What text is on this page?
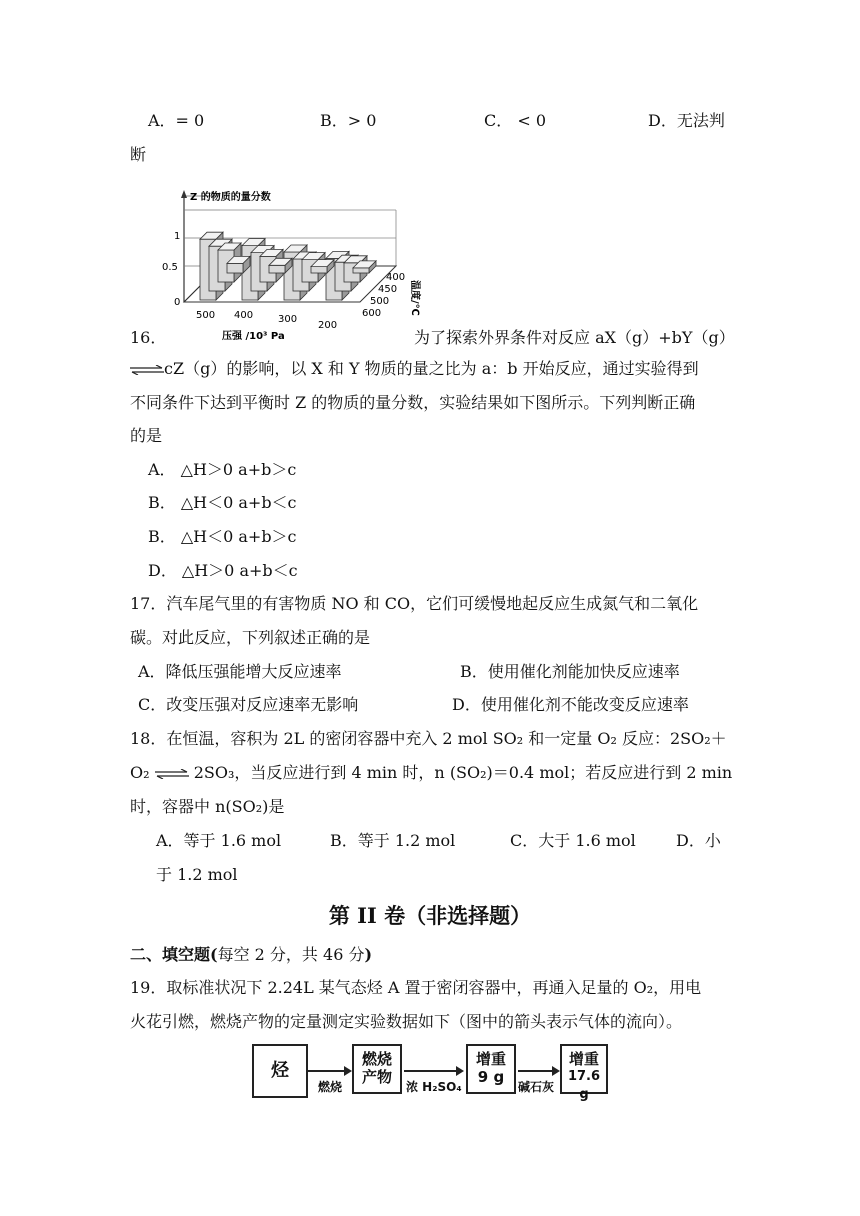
A．= 0	B．> 0	C． < 0	D．无法判
断
Z 的物质的量分数
1
0.5
0
500 400 300
200
压强 /10³ Pa
400
450
500
600	温度/℃
16．	为了探索外界条件对反应 aX（g）+bY（g）
⇌cZ（g）的影响，以 X 和 Y 物质的量之比为 a：b 开始反应，通过实验得到
不同条件下达到平衡时 Z 的物质的量分数，实验结果如下图所示。下列判断正确
的是
A． △H＞0 a+b＞c
B． △H＜0 a+b＜c
B． △H＜0 a+b＞c
D． △H＞0 a+b＜c
17．汽车尾气里的有害物质 NO 和 CO，它们可缓慢地起反应生成氮气和二氧化
碳。对此反应，下列叙述正确的是
A．降低压强能增大反应速率	B．使用催化剂能加快反应速率
C．改变压强对反应速率无影响	D．使用催化剂不能改变反应速率
18．在恒温，容积为 2L 的密闭容器中充入 2 mol SO₂ 和一定量 O₂ 反应：2SO₂＋
O₂ ⇌ 2SO₃，当反应进行到 4 min 时，n (SO₂)＝0.4 mol；若反应进行到 2 min
时，容器中 n(SO₂)是
A．等于 1.6 mol	B．等于 1.2 mol	C．大于 1.6 mol	D．小
于 1.2 mol
第 II 卷（非选择题）
二、填空题(每空 2 分，共 46 分)
19．取标准状况下 2.24L 某气态烃 A 置于密闭容器中，再通入足量的 O₂，用电
火花引燃，燃烧产物的定量测定实验数据如下（图中的箭头表示气体的流向）。
烃
燃烧
燃烧
产物
浓 H₂SO₄
增重
9 g
碱石灰
增重
17.6 g
